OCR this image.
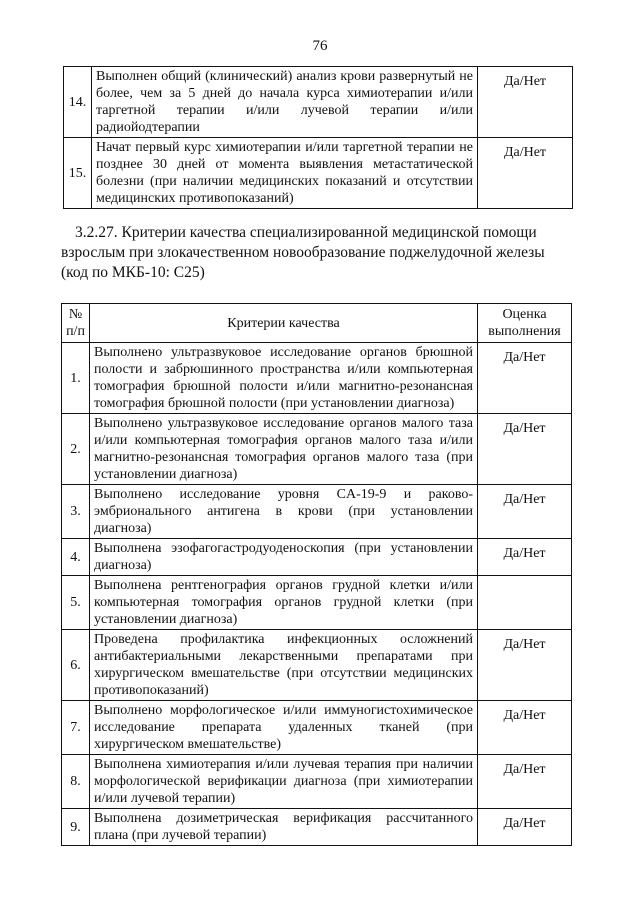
76
14.	Выполнен общий (клинический) анализ крови развернутый не более, чем за 5 дней до начала курса химиотерапии и/или таргетной терапии и/или лучевой терапии и/или радиойодтерапии	Да/Нет
15.	Начат первый курс химиотерапии и/или таргетной терапии не позднее 30 дней от момента выявления метастатической болезни (при наличии медицинских показаний и отсутствии медицинских противопоказаний)	Да/Нет
3.2.27. Критерии качества специализированной медицинской помощи
взрослым при злокачественном новообразование поджелудочной железы
(код по МКБ-10: C25)
№ п/п	Критерии качества	Оценка выполнения
1.	Выполнено ультразвуковое исследование органов брюшной полости и забрюшинного пространства и/или компьютерная томография брюшной полости и/или магнитно-резонансная томография брюшной полости (при установлении диагноза)	Да/Нет
2.	Выполнено ультразвуковое исследование органов малого таза и/или компьютерная томография органов малого таза и/или магнитно-резонансная томография органов малого таза (при установлении диагноза)	Да/Нет
3.	Выполнено исследование уровня CA-19-9 и раково-эмбрионального антигена в крови (при установлении диагноза)	Да/Нет
4.	Выполнена эзофагогастродуоденоскопия (при установлении диагноза)	Да/Нет
5.	Выполнена рентгенография органов грудной клетки и/или компьютерная томография органов грудной клетки (при установлении диагноза)	
6.	Проведена профилактика инфекционных осложнений антибактериальными лекарственными препаратами при хирургическом вмешательстве (при отсутствии медицинских противопоказаний)	Да/Нет
7.	Выполнено морфологическое и/или иммуногистохимическое исследование препарата удаленных тканей (при хирургическом вмешательстве)	Да/Нет
8.	Выполнена химиотерапия и/или лучевая терапия при наличии морфологической верификации диагноза (при химиотерапии и/или лучевой терапии)	Да/Нет
9.	Выполнена дозиметрическая верификация рассчитанного плана (при лучевой терапии)	Да/Нет
